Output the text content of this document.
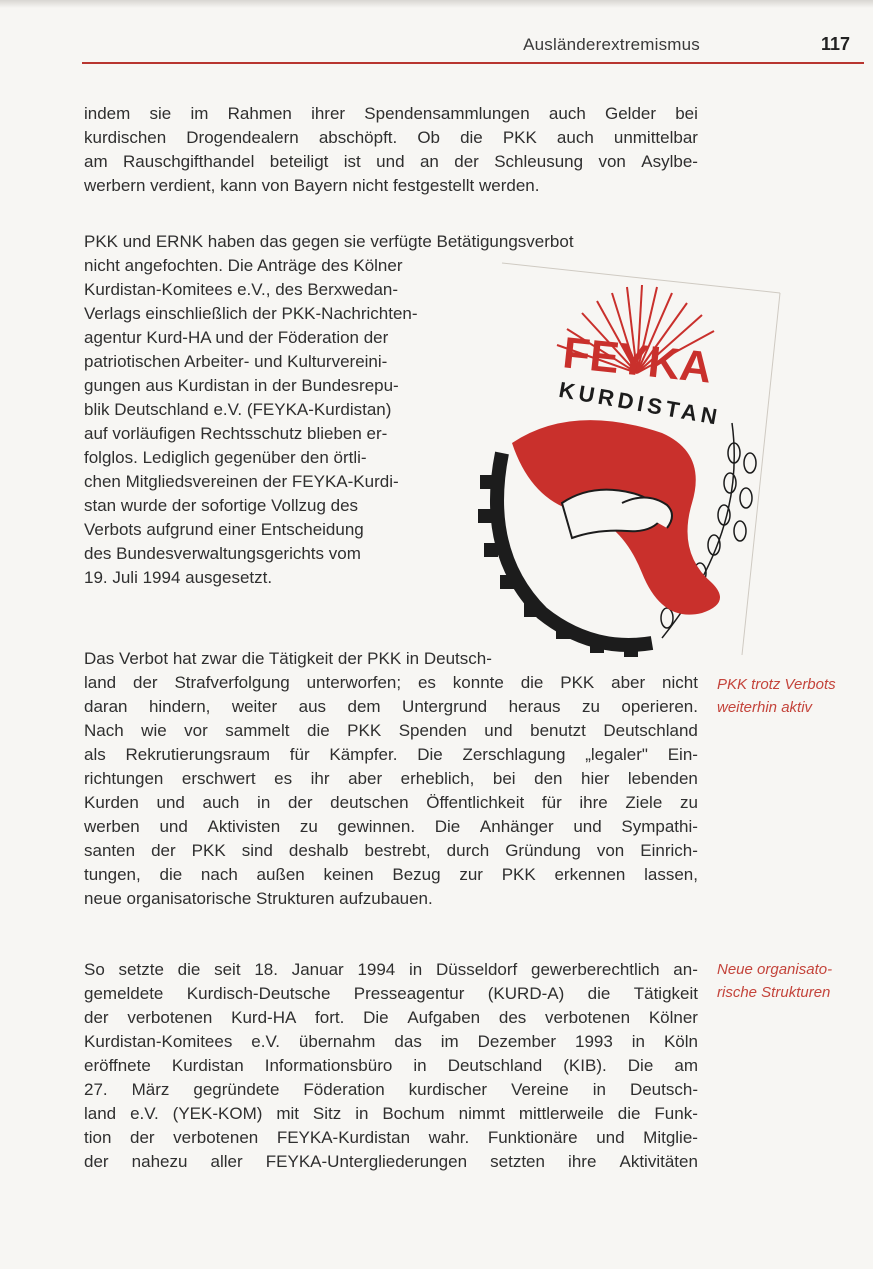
Ausländerextremismus	117
indem sie im Rahmen ihrer Spendensammlungen auch Gelder bei
kurdischen Drogendealern abschöpft. Ob die PKK auch unmittelbar
am Rauschgifthandel beteiligt ist und an der Schleusung von Asylbe-
werbern verdient, kann von Bayern nicht festgestellt werden.
PKK und ERNK haben das gegen sie verfügte Betätigungsverbot
nicht angefochten. Die Anträge des Kölner
Kurdistan-Komitees e.V., des Berxwedan-
Verlags einschließlich der PKK-Nachrichten-
agentur Kurd-HA und der Föderation der
patriotischen Arbeiter- und Kulturvereini-
gungen aus Kurdistan in der Bundesrepu-
blik Deutschland e.V. (FEYKA-Kurdistan)
auf vorläufigen Rechtsschutz blieben er-
folglos. Lediglich gegenüber den örtli-
chen Mitgliedsvereinen der FEYKA-Kurdi-
stan wurde der sofortige Vollzug des
Verbots aufgrund einer Entscheidung
des Bundesverwaltungsgerichts vom
19. Juli 1994 ausgesetzt.
FEYKA
KURDISTAN
Das Verbot hat zwar die Tätigkeit der PKK in Deutsch-
land der Strafverfolgung unterworfen; es konnte die PKK aber nicht
daran hindern, weiter aus dem Untergrund heraus zu operieren.
Nach wie vor sammelt die PKK Spenden und benutzt Deutschland
als Rekrutierungsraum für Kämpfer. Die Zerschlagung „legaler" Ein-
richtungen erschwert es ihr aber erheblich, bei den hier lebenden
Kurden und auch in der deutschen Öffentlichkeit für ihre Ziele zu
werben und Aktivisten zu gewinnen. Die Anhänger und Sympathi-
santen der PKK sind deshalb bestrebt, durch Gründung von Einrich-
tungen, die nach außen keinen Bezug zur PKK erkennen lassen,
neue organisatorische Strukturen aufzubauen.
PKK trotz Verbots
weiterhin aktiv
So setzte die seit 18. Januar 1994 in Düsseldorf gewerberechtlich an-
gemeldete Kurdisch-Deutsche Presseagentur (KURD-A) die Tätigkeit
der verbotenen Kurd-HA fort. Die Aufgaben des verbotenen Kölner
Kurdistan-Komitees e.V. übernahm das im Dezember 1993 in Köln
eröffnete Kurdistan Informationsbüro in Deutschland (KIB). Die am
27. März gegründete Föderation kurdischer Vereine in Deutsch-
land e.V. (YEK-KOM) mit Sitz in Bochum nimmt mittlerweile die Funk-
tion der verbotenen FEYKA-Kurdistan wahr. Funktionäre und Mitglie-
der nahezu aller FEYKA-Untergliederungen setzten ihre Aktivitäten
Neue organisato-
rische Strukturen
